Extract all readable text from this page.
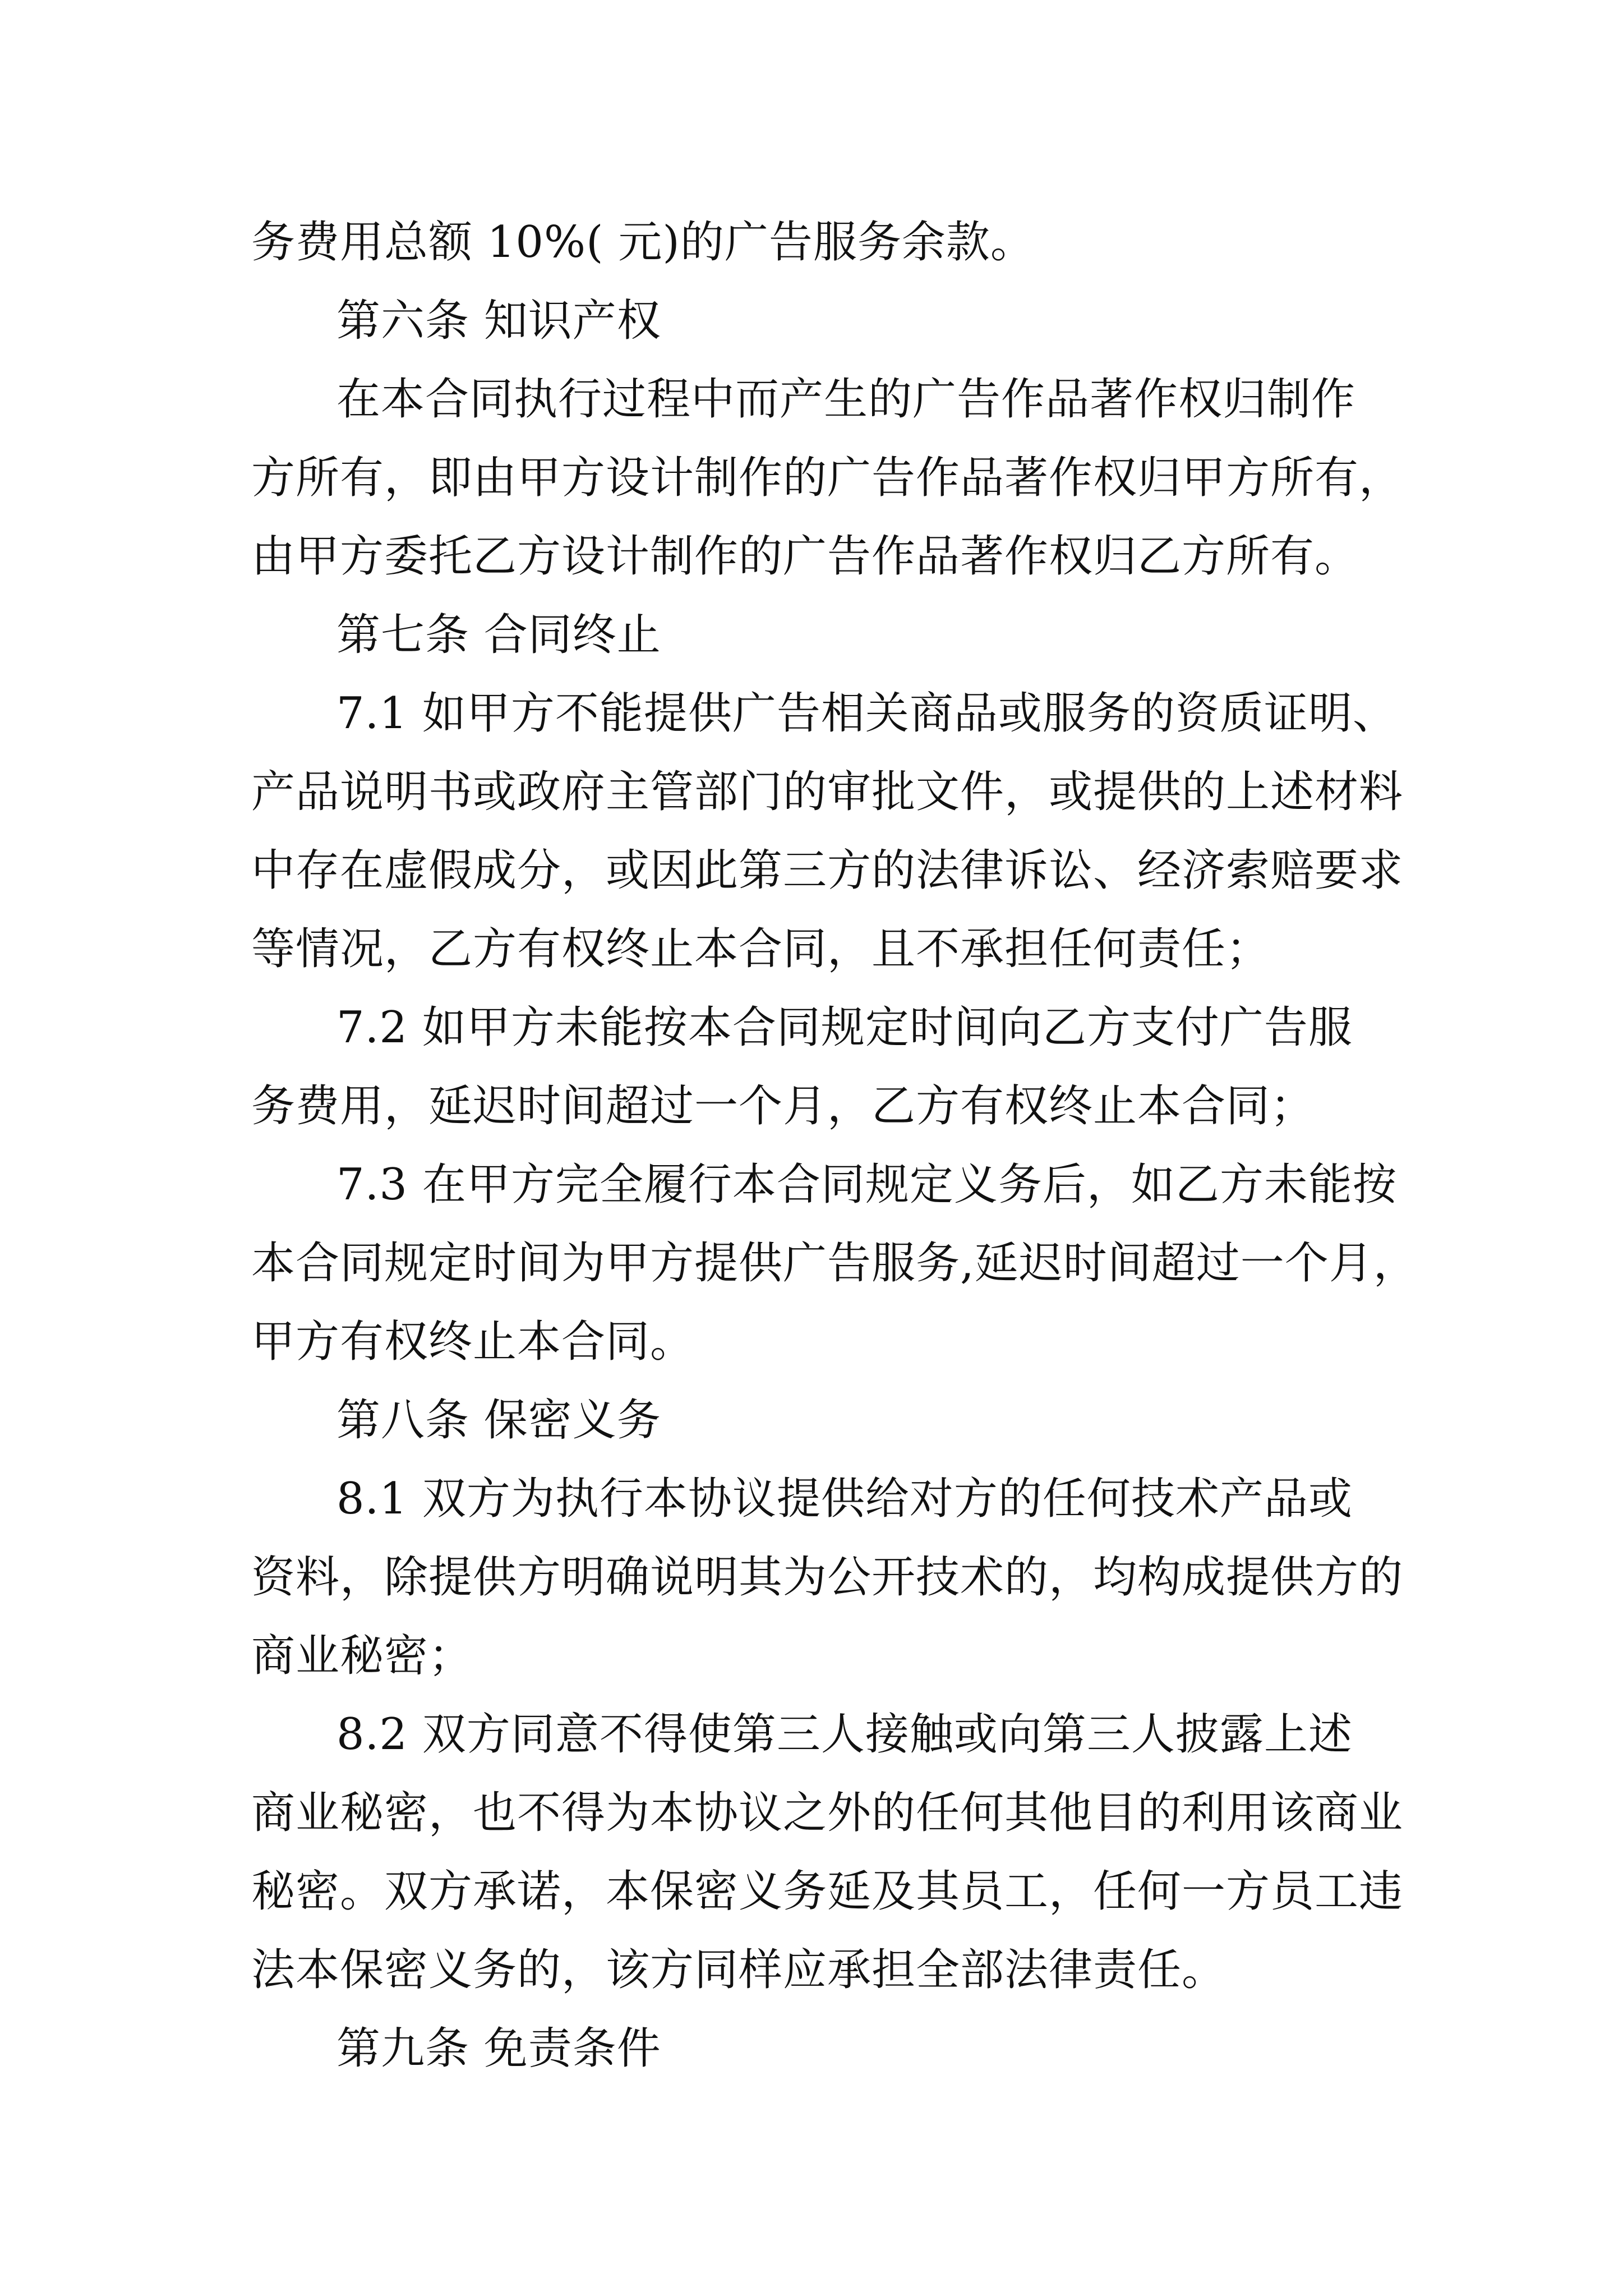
务费用总额 10%( 元)的广告服务余款。
第六条 知识产权
在本合同执行过程中而产生的广告作品著作权归制作
方所有，即由甲方设计制作的广告作品著作权归甲方所有，
由甲方委托乙方设计制作的广告作品著作权归乙方所有。
第七条 合同终止
7.1 如甲方不能提供广告相关商品或服务的资质证明、
产品说明书或政府主管部门的审批文件，或提供的上述材料
中存在虚假成分，或因此第三方的法律诉讼、经济索赔要求
等情况，乙方有权终止本合同，且不承担任何责任；
7.2 如甲方未能按本合同规定时间向乙方支付广告服
务费用，延迟时间超过一个月，乙方有权终止本合同；
7.3 在甲方完全履行本合同规定义务后，如乙方未能按
本合同规定时间为甲方提供广告服务,延迟时间超过一个月，
甲方有权终止本合同。
第八条 保密义务
8.1 双方为执行本协议提供给对方的任何技术产品或
资料，除提供方明确说明其为公开技术的，均构成提供方的
商业秘密；
8.2 双方同意不得使第三人接触或向第三人披露上述
商业秘密，也不得为本协议之外的任何其他目的利用该商业
秘密。双方承诺，本保密义务延及其员工，任何一方员工违
法本保密义务的，该方同样应承担全部法律责任。
第九条 免责条件
